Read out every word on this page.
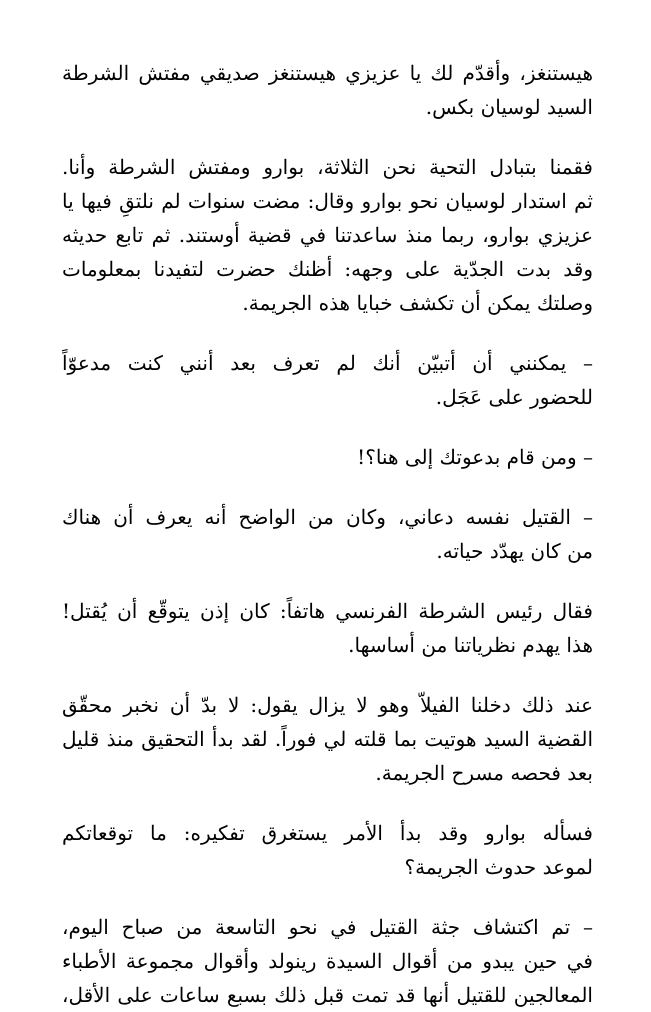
هيستنغز، وأقدّم لك يا عزيزي هيستنغز صديقي مفتش الشرطة
السيد لوسيان بكس.
فقمنا بتبادل التحية نحن الثلاثة، بوارو ومفتش الشرطة وأنا.
ثم استدار لوسيان نحو بوارو وقال: مضت سنوات لم نلتقِ فيها يا
عزيزي بوارو، ربما منذ ساعدتنا في قضية أوستند. ثم تابع حديثه
وقد بدت الجدّية على وجهه: أظنك حضرت لتفيدنا بمعلومات
وصلتك يمكن أن تكشف خبايا هذه الجريمة.
– يمكنني أن أتبيّن أنك لم تعرف بعد أنني كنت مدعوّاً
للحضور على عَجَل.
– ومن قام بدعوتك إلى هنا؟!
– القتيل نفسه دعاني، وكان من الواضح أنه يعرف أن هناك
من كان يهدّد حياته.
فقال رئيس الشرطة الفرنسي هاتفاً: كان إذن يتوقّع أن يُقتل!
هذا يهدم نظرياتنا من أساسها.
عند ذلك دخلنا الفيلاّ وهو لا يزال يقول: لا بدّ أن نخبر محقّق
القضية السيد هوتيت بما قلته لي فوراً. لقد بدأ التحقيق منذ قليل
بعد فحصه مسرح الجريمة.
فسأله بوارو وقد بدأ الأمر يستغرق تفكيره: ما توقعاتكم
لموعد حدوث الجريمة؟
– تم اكتشاف جثة القتيل في نحو التاسعة من صباح اليوم،
في حين يبدو من أقوال السيدة رينولد وأقوال مجموعة الأطباء
المعالجين للقتيل أنها قد تمت قبل ذلك بسبع ساعات على الأقل،
